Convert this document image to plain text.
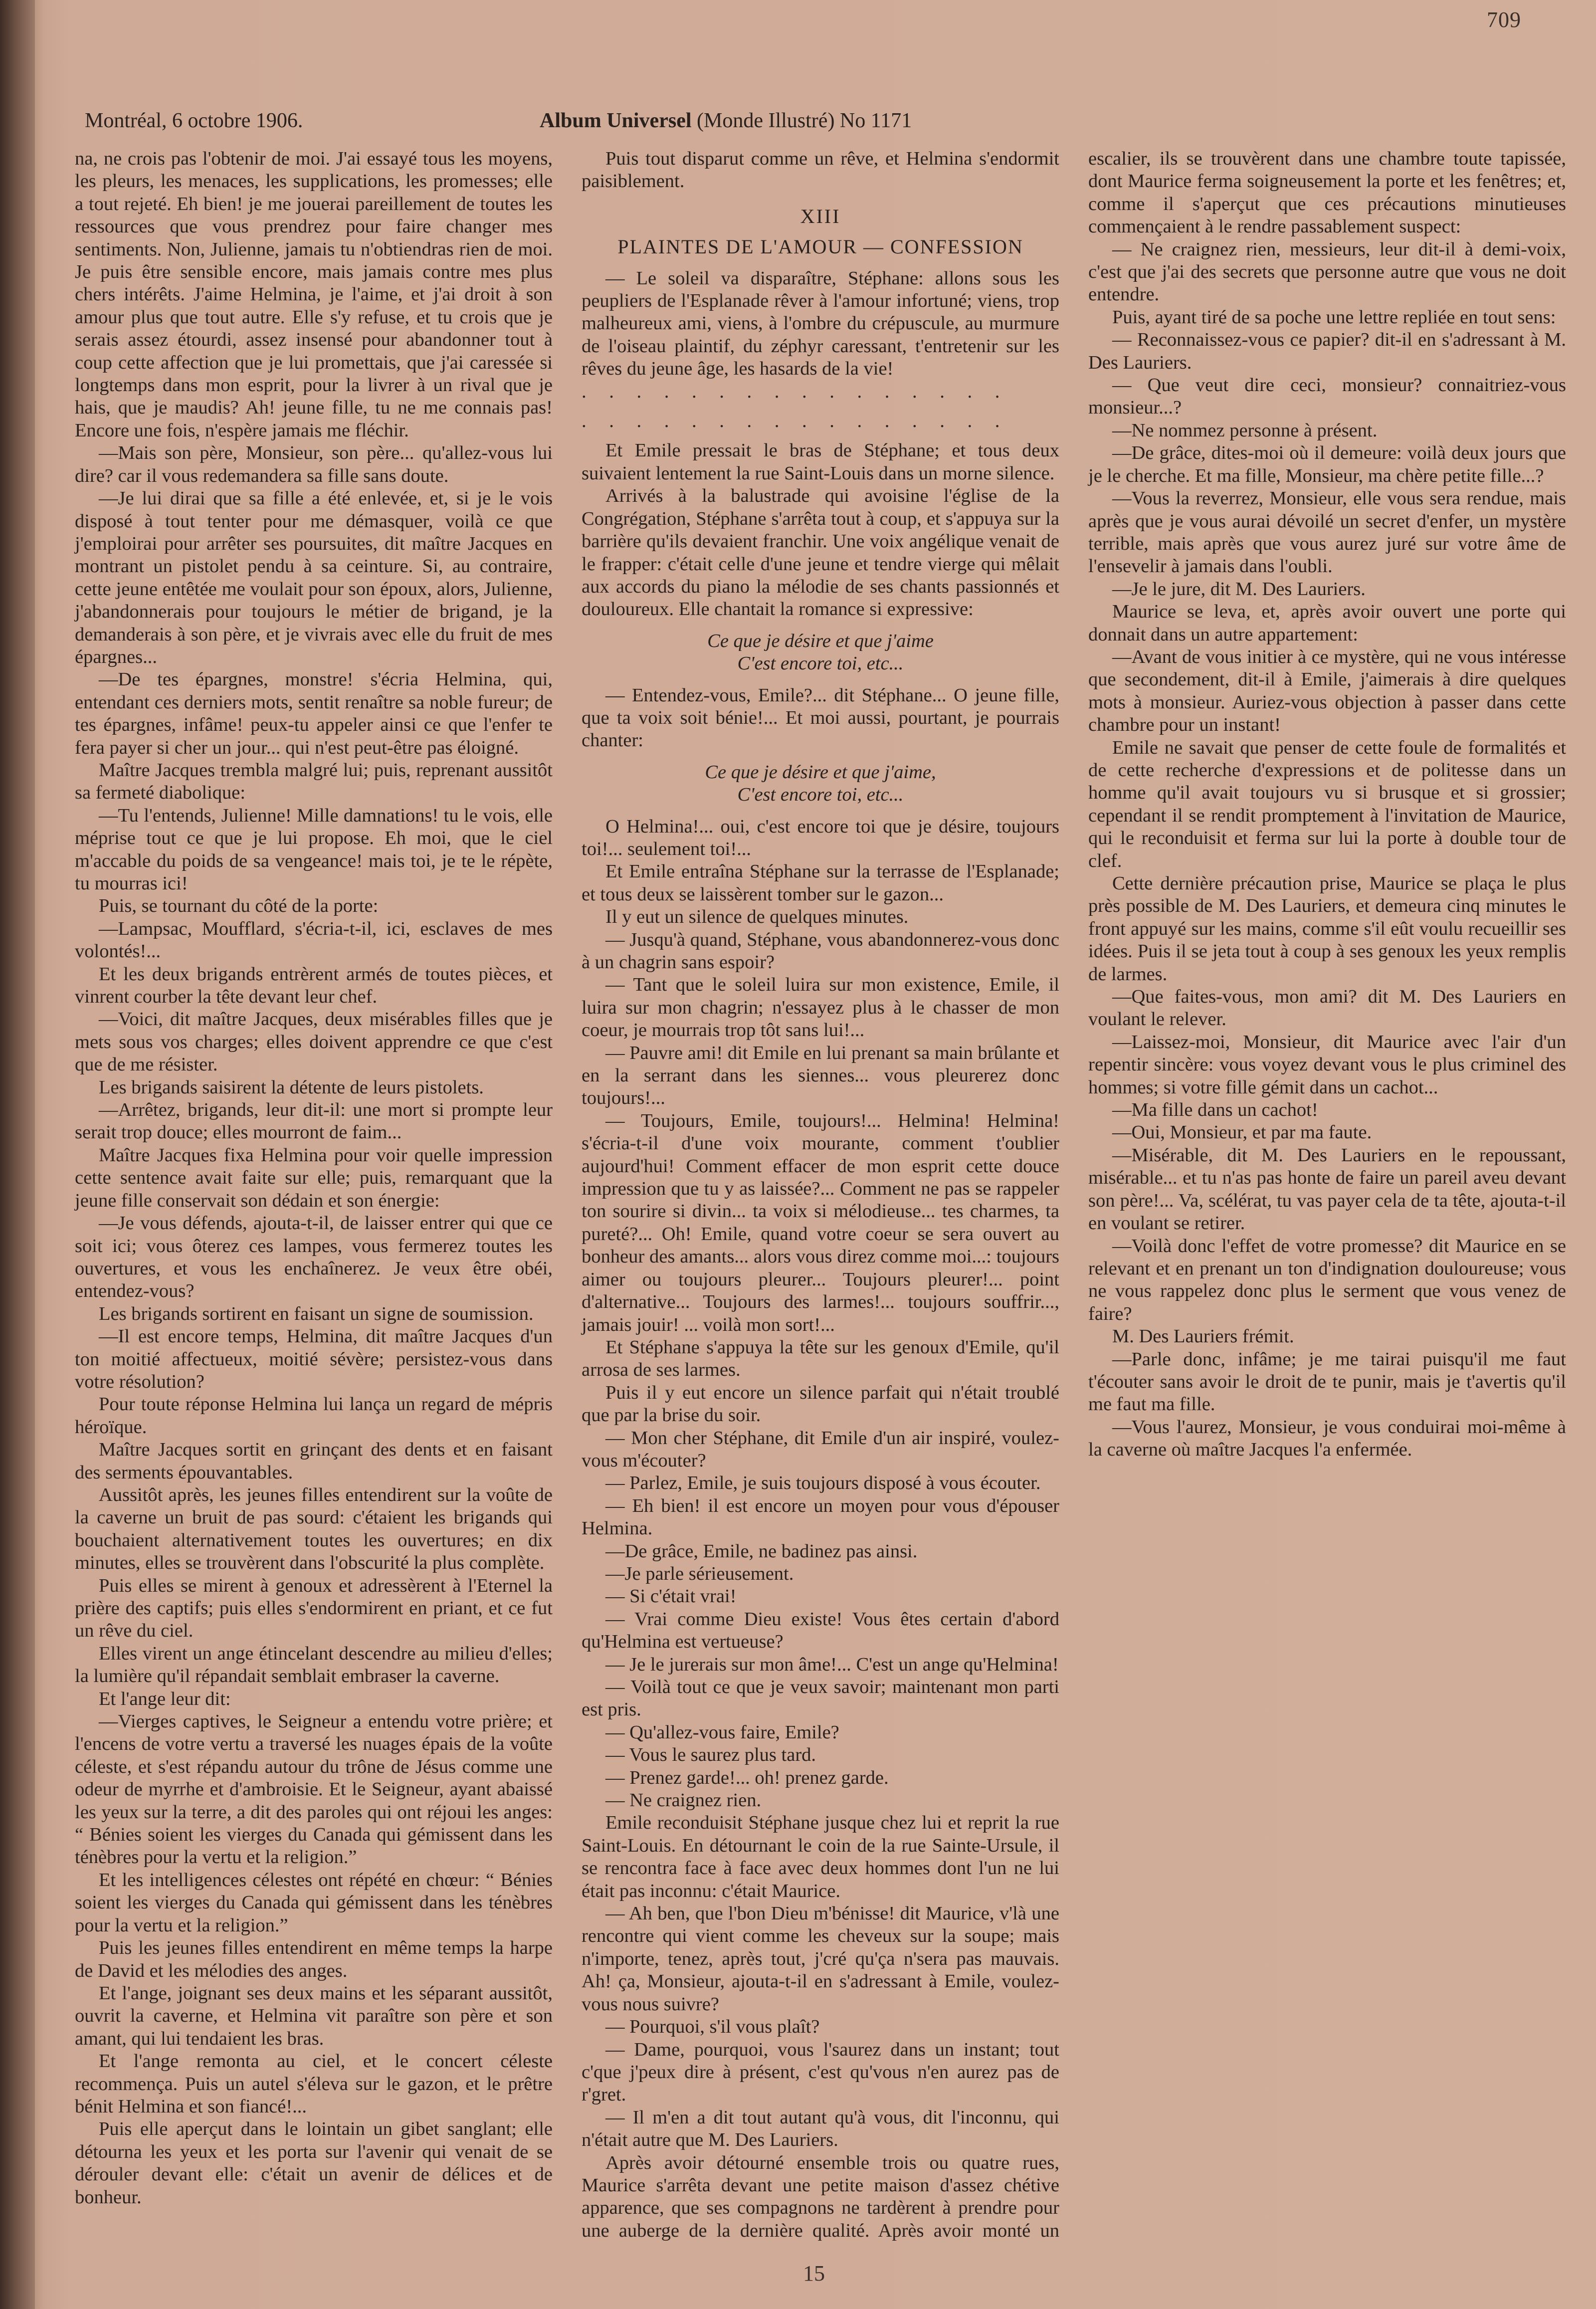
709
Montréal, 6 octobre 1906.	Album Universel (Monde Illustré) No 1171

na, ne crois pas l'obtenir de moi. J'ai essayé tous les moyens, les pleurs, les menaces, les supplications, les promesses; elle a tout rejeté. Eh bien! je me jouerai pareillement de toutes les ressources que vous prendrez pour faire changer mes sentiments. Non, Julienne, jamais tu n'obtiendras rien de moi. Je puis être sensible encore, mais jamais contre mes plus chers intérêts. J'aime Helmina, je l'aime, et j'ai droit à son amour plus que tout autre. Elle s'y refuse, et tu crois que je serais assez étourdi, assez insensé pour abandonner tout à coup cette affection que je lui promettais, que j'ai caressée si longtemps dans mon esprit, pour la livrer à un rival que je hais, que je maudis? Ah! jeune fille, tu ne me connais pas! Encore une fois, n'espère jamais me fléchir.

—Mais son père, Monsieur, son père... qu'allez-vous lui dire? car il vous redemandera sa fille sans doute.

—Je lui dirai que sa fille a été enlevée, et, si je le vois disposé à tout tenter pour me démasquer, voilà ce que j'emploirai pour arrêter ses poursuites, dit maître Jacques en montrant un pistolet pendu à sa ceinture. Si, au contraire, cette jeune entêtée me voulait pour son époux, alors, Julienne, j'abandonnerais pour toujours le métier de brigand, je la demanderais à son père, et je vivrais avec elle du fruit de mes épargnes...

—De tes épargnes, monstre! s'écria Helmina, qui, entendant ces derniers mots, sentit renaître sa noble fureur; de tes épargnes, infâme! peux-tu appeler ainsi ce que l'enfer te fera payer si cher un jour... qui n'est peut-être pas éloigné.

Maître Jacques trembla malgré lui; puis, reprenant aussitôt sa fermeté diabolique:

—Tu l'entends, Julienne! Mille damnations! tu le vois, elle méprise tout ce que je lui propose. Eh moi, que le ciel m'accable du poids de sa vengeance! mais toi, je te le répète, tu mourras ici!

Puis, se tournant du côté de la porte:

—Lampsac, Moufflard, s'écria-t-il, ici, esclaves de mes volontés!...

Et les deux brigands entrèrent armés de toutes pièces, et vinrent courber la tête devant leur chef.

—Voici, dit maître Jacques, deux misérables filles que je mets sous vos charges; elles doivent apprendre ce que c'est que de me résister.

Les brigands saisirent la détente de leurs pistolets.

—Arrêtez, brigands, leur dit-il: une mort si prompte leur serait trop douce; elles mourront de faim...

Maître Jacques fixa Helmina pour voir quelle impression cette sentence avait faite sur elle; puis, remarquant que la jeune fille conservait son dédain et son énergie:

—Je vous défends, ajouta-t-il, de laisser entrer qui que ce soit ici; vous ôterez ces lampes, vous fermerez toutes les ouvertures, et vous les enchaînerez. Je veux être obéi, entendez-vous?

Les brigands sortirent en faisant un signe de soumission.

—Il est encore temps, Helmina, dit maître Jacques d'un ton moitié affectueux, moitié sévère; persistez-vous dans votre résolution?

Pour toute réponse Helmina lui lança un regard de mépris héroïque.

Maître Jacques sortit en grinçant des dents et en faisant des serments épouvantables.

Aussitôt après, les jeunes filles entendirent sur la voûte de la caverne un bruit de pas sourd: c'étaient les brigands qui bouchaient alternativement toutes les ouvertures; en dix minutes, elles se trouvèrent dans l'obscurité la plus complète.

Puis elles se mirent à genoux et adressèrent à l'Eternel la prière des captifs; puis elles s'endormirent en priant, et ce fut un rêve du ciel.

Elles virent un ange étincelant descendre au milieu d'elles; la lumière qu'il répandait semblait embraser la caverne.

Et l'ange leur dit:

—Vierges captives, le Seigneur a entendu votre prière; et l'encens de votre vertu a traversé les nuages épais de la voûte céleste, et s'est répandu autour du trône de Jésus comme une odeur de myrrhe et d'ambroisie. Et le Seigneur, ayant abaissé les yeux sur la terre, a dit des paroles qui ont réjoui les anges: “ Bénies soient les vierges du Canada qui gémissent dans les ténèbres pour la vertu et la religion.”

Et les intelligences célestes ont répété en chœur: “ Bénies soient les vierges du Canada qui gémissent dans les ténèbres pour la vertu et la religion.”

Puis les jeunes filles entendirent en même temps la harpe de David et les mélodies des anges.

Et l'ange, joignant ses deux mains et les séparant aussitôt, ouvrit la caverne, et Helmina vit paraître son père et son amant, qui lui tendaient les bras.

Et l'ange remonta au ciel, et le concert céleste recommença. Puis un autel s'éleva sur le gazon, et le prêtre bénit Helmina et son fiancé!...

Puis elle aperçut dans le lointain un gibet sanglant; elle détourna les yeux et les porta sur l'avenir qui venait de se dérouler devant elle: c'était un avenir de délices et de bonheur.

Puis tout disparut comme un rêve, et Helmina s'endormit paisiblement.

XIII

PLAINTES DE L'AMOUR — CONFESSION

— Le soleil va disparaître, Stéphane: allons sous les peupliers de l'Esplanade rêver à l'amour infortuné; viens, trop malheureux ami, viens, à l'ombre du crépuscule, au murmure de l'oiseau plaintif, du zéphyr caressant, t'entretenir sur les rêves du jeune âge, les hasards de la vie!

. . . . . . . . . . . . . . . .

. . . . . . . . . . . . . . . .

Et Emile pressait le bras de Stéphane; et tous deux suivaient lentement la rue Saint-Louis dans un morne silence.

Arrivés à la balustrade qui avoisine l'église de la Congrégation, Stéphane s'arrêta tout à coup, et s'appuya sur la barrière qu'ils devaient franchir. Une voix angélique venait de le frapper: c'était celle d'une jeune et tendre vierge qui mêlait aux accords du piano la mélodie de ses chants passionnés et douloureux. Elle chantait la romance si expressive:

Ce que je désire et que j'aime

C'est encore toi, etc...

— Entendez-vous, Emile?... dit Stéphane... O jeune fille, que ta voix soit bénie!... Et moi aussi, pourtant, je pourrais chanter:

Ce que je désire et que j'aime,

C'est encore toi, etc...

O Helmina!... oui, c'est encore toi que je désire, toujours toi!... seulement toi!...

Et Emile entraîna Stéphane sur la terrasse de l'Esplanade; et tous deux se laissèrent tomber sur le gazon...

Il y eut un silence de quelques minutes.

— Jusqu'à quand, Stéphane, vous abandonnerez-vous donc à un chagrin sans espoir?

— Tant que le soleil luira sur mon existence, Emile, il luira sur mon chagrin; n'essayez plus à le chasser de mon coeur, je mourrais trop tôt sans lui!...

— Pauvre ami! dit Emile en lui prenant sa main brûlante et en la serrant dans les siennes... vous pleurerez donc toujours!...

— Toujours, Emile, toujours!... Helmina! Helmina! s'écria-t-il d'une voix mourante, comment t'oublier aujourd'hui! Comment effacer de mon esprit cette douce impression que tu y as laissée?... Comment ne pas se rappeler ton sourire si divin... ta voix si mélodieuse... tes charmes, ta pureté?... Oh! Emile, quand votre coeur se sera ouvert au bonheur des amants... alors vous direz comme moi...: toujours aimer ou toujours pleurer... Toujours pleurer!... point d'alternative... Toujours des larmes!... toujours souffrir..., jamais jouir! ... voilà mon sort!...

Et Stéphane s'appuya la tête sur les genoux d'Emile, qu'il arrosa de ses larmes.

Puis il y eut encore un silence parfait qui n'était troublé que par la brise du soir.

— Mon cher Stéphane, dit Emile d'un air inspiré, voulez-vous m'écouter?

— Parlez, Emile, je suis toujours disposé à vous écouter.

— Eh bien! il est encore un moyen pour vous d'épouser Helmina.

—De grâce, Emile, ne badinez pas ainsi.

—Je parle sérieusement.

— Si c'était vrai!

— Vrai comme Dieu existe! Vous êtes certain d'abord qu'Helmina est vertueuse?

— Je le jurerais sur mon âme!... C'est un ange qu'Helmina!

— Voilà tout ce que je veux savoir; maintenant mon parti est pris.

— Qu'allez-vous faire, Emile?

— Vous le saurez plus tard.

— Prenez garde!... oh! prenez garde.

— Ne craignez rien.

Emile reconduisit Stéphane jusque chez lui et reprit la rue Saint-Louis. En détournant le coin de la rue Sainte-Ursule, il se rencontra face à face avec deux hommes dont l'un ne lui était pas inconnu: c'était Maurice.

— Ah ben, que l'bon Dieu m'bénisse! dit Maurice, v'là une rencontre qui vient comme les cheveux sur la soupe; mais n'importe, tenez, après tout, j'cré qu'ça n'sera pas mauvais. Ah! ça, Monsieur, ajouta-t-il en s'adressant à Emile, voulez-vous nous suivre?

— Pourquoi, s'il vous plaît?

— Dame, pourquoi, vous l'saurez dans un instant; tout c'que j'peux dire à présent, c'est qu'vous n'en aurez pas de r'gret.

— Il m'en a dit tout autant qu'à vous, dit l'inconnu, qui n'était autre que M. Des Lauriers.

Après avoir détourné ensemble trois ou quatre rues, Maurice s'arrêta devant une petite maison d'assez chétive apparence, que ses compagnons ne tardèrent à prendre pour une auberge de la dernière qualité. Après avoir monté un escalier, ils se trouvèrent dans une chambre toute tapissée, dont Maurice ferma soigneusement la porte et les fenêtres; et, comme il s'aperçut que ces précautions minutieuses commençaient à le rendre passablement suspect:

— Ne craignez rien, messieurs, leur dit-il à demi-voix, c'est que j'ai des secrets que personne autre que vous ne doit entendre.

Puis, ayant tiré de sa poche une lettre repliée en tout sens:

— Reconnaissez-vous ce papier? dit-il en s'adressant à M. Des Lauriers.

— Que veut dire ceci, monsieur? connaitriez-vous monsieur...?

—Ne nommez personne à présent.

—De grâce, dites-moi où il demeure: voilà deux jours que je le cherche. Et ma fille, Monsieur, ma chère petite fille...?

—Vous la reverrez, Monsieur, elle vous sera rendue, mais après que je vous aurai dévoilé un secret d'enfer, un mystère terrible, mais après que vous aurez juré sur votre âme de l'ensevelir à jamais dans l'oubli.

—Je le jure, dit M. Des Lauriers.

Maurice se leva, et, après avoir ouvert une porte qui donnait dans un autre appartement:

—Avant de vous initier à ce mystère, qui ne vous intéresse que secondement, dit-il à Emile, j'aimerais à dire quelques mots à monsieur. Auriez-vous objection à passer dans cette chambre pour un instant!

Emile ne savait que penser de cette foule de formalités et de cette recherche d'expressions et de politesse dans un homme qu'il avait toujours vu si brusque et si grossier; cependant il se rendit promptement à l'invitation de Maurice, qui le reconduisit et ferma sur lui la porte à double tour de clef.

Cette dernière précaution prise, Maurice se plaça le plus près possible de M. Des Lauriers, et demeura cinq minutes le front appuyé sur les mains, comme s'il eût voulu recueillir ses idées. Puis il se jeta tout à coup à ses genoux les yeux remplis de larmes.

—Que faites-vous, mon ami? dit M. Des Lauriers en voulant le relever.

—Laissez-moi, Monsieur, dit Maurice avec l'air d'un repentir sincère: vous voyez devant vous le plus criminel des hommes; si votre fille gémit dans un cachot...

—Ma fille dans un cachot!

—Oui, Monsieur, et par ma faute.

—Misérable, dit M. Des Lauriers en le repoussant, misérable... et tu n'as pas honte de faire un pareil aveu devant son père!... Va, scélérat, tu vas payer cela de ta tête, ajouta-t-il en voulant se retirer.

—Voilà donc l'effet de votre promesse? dit Maurice en se relevant et en prenant un ton d'indignation douloureuse; vous ne vous rappelez donc plus le serment que vous venez de faire?

M. Des Lauriers frémit.

—Parle donc, infâme; je me tairai puisqu'il me faut t'écouter sans avoir le droit de te punir, mais je t'avertis qu'il me faut ma fille.

—Vous l'aurez, Monsieur, je vous conduirai moi-même à la caverne où maître Jacques l'a enfermée.

15
